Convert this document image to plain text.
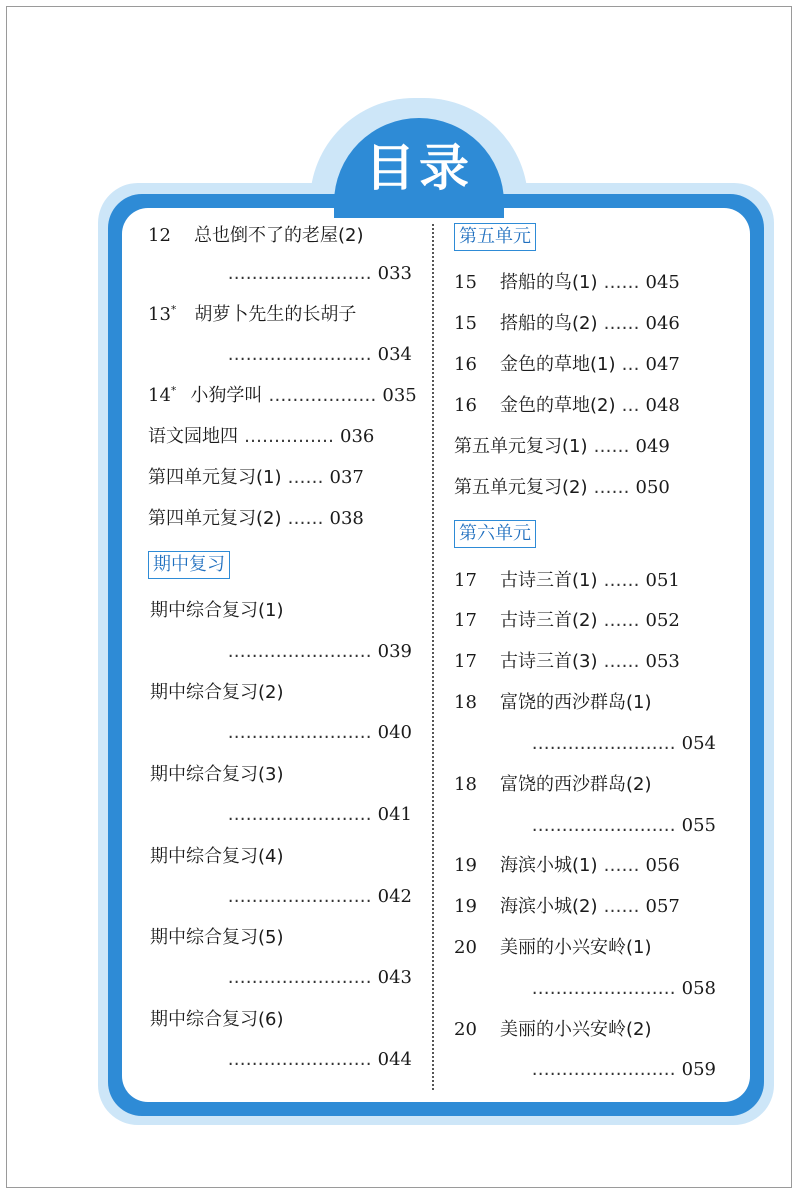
目录
12 总也倒不了的老屋(2)
…………………… 033
13* 胡萝卜先生的长胡子
…………………… 034
14* 小狗学叫 ……………… 035
语文园地四 …………… 036
第四单元复习(1) …… 037
第四单元复习(2) …… 038
期中复习
期中综合复习(1)
…………………… 039
期中综合复习(2)
…………………… 040
期中综合复习(3)
…………………… 041
期中综合复习(4)
…………………… 042
期中综合复习(5)
…………………… 043
期中综合复习(6)
…………………… 044
第五单元
15 搭船的鸟(1) …… 045
15 搭船的鸟(2) …… 046
16 金色的草地(1) … 047
16 金色的草地(2) … 048
第五单元复习(1) …… 049
第五单元复习(2) …… 050
第六单元
17 古诗三首(1) …… 051
17 古诗三首(2) …… 052
17 古诗三首(3) …… 053
18 富饶的西沙群岛(1)
…………………… 054
18 富饶的西沙群岛(2)
…………………… 055
19 海滨小城(1) …… 056
19 海滨小城(2) …… 057
20 美丽的小兴安岭(1)
…………………… 058
20 美丽的小兴安岭(2)
…………………… 059
